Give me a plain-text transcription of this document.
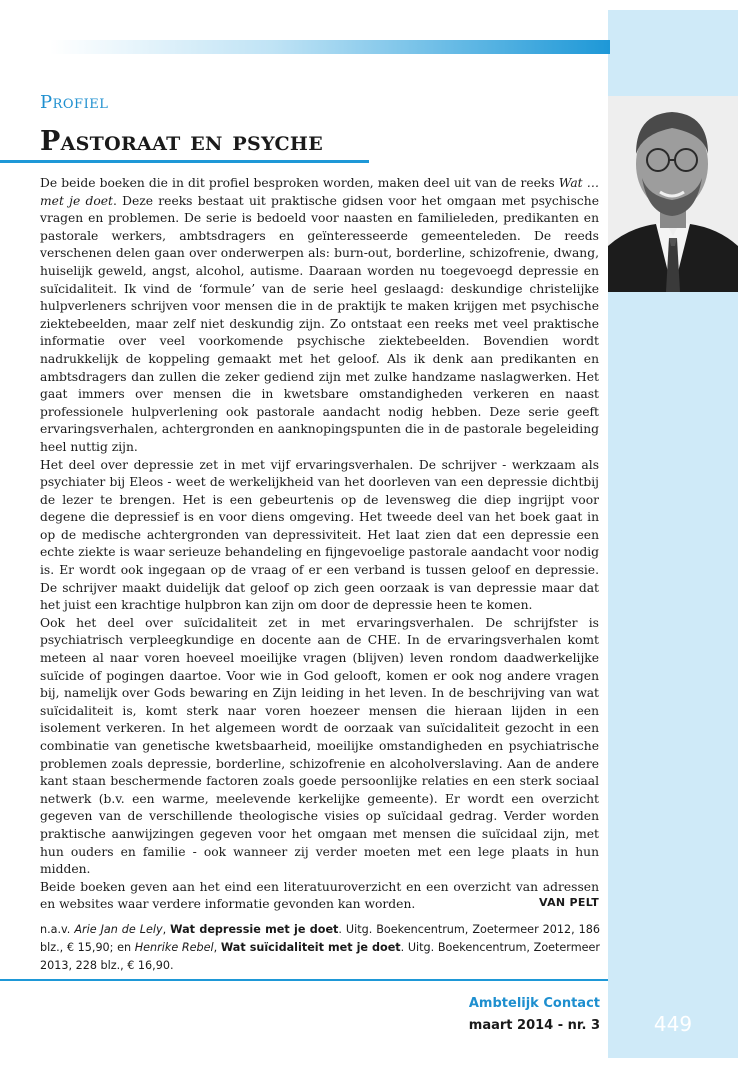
Profiel
Pastoraat en psyche

De beide boeken die in dit profiel besproken worden, maken deel uit van de reeks Wat … met je doet. Deze reeks bestaat uit praktische gidsen voor het omgaan met psychische vragen en problemen. De serie is bedoeld voor naasten en familieleden, predikanten en pastorale werkers, ambtsdragers en geïnteresseerde gemeenteleden. De reeds verschenen delen gaan over onderwerpen als: burn-out, borderline, schizofrenie, dwang, huiselijk geweld, angst, alcohol, autisme. Daaraan worden nu toegevoegd depressie en suïcidaliteit. Ik vind de ‘formule’ van de serie heel geslaagd: deskundige christelijke hulpverleners schrijven voor mensen die in de praktijk te maken krijgen met psychische ziektebeelden, maar zelf niet deskundig zijn. Zo ontstaat een reeks met veel praktische informatie over veel voorkomende psychische ziektebeelden. Bovendien wordt nadrukkelijk de koppeling gemaakt met het geloof. Als ik denk aan predikanten en ambtsdragers dan zullen die zeker gediend zijn met zulke handzame naslagwerken. Het gaat immers over mensen die in kwetsbare omstandigheden verkeren en naast professionele hulpverlening ook pastorale aandacht nodig hebben. Deze serie geeft ervaringsverhalen, achtergronden en aanknopingspunten die in de pastorale begeleiding heel nuttig zijn.

Het deel over depressie zet in met vijf ervaringsverhalen. De schrijver - werkzaam als psychiater bij Eleos - weet de werkelijkheid van het doorleven van een depressie dichtbij de lezer te brengen. Het is een gebeurtenis op de levensweg die diep ingrijpt voor degene die depressief is en voor diens omgeving. Het tweede deel van het boek gaat in op de medische achtergronden van depressiviteit. Het laat zien dat een depressie een echte ziekte is waar serieuze behandeling en fijngevoelige pastorale aandacht voor nodig is. Er wordt ook ingegaan op de vraag of er een verband is tussen geloof en depressie. De schrijver maakt duidelijk dat geloof op zich geen oorzaak is van depressie maar dat het juist een krachtige hulpbron kan zijn om door de depressie heen te komen.

Ook het deel over suïcidaliteit zet in met ervaringsverhalen. De schrijfster is psychiatrisch verpleegkundige en docente aan de CHE. In de ervaringsverhalen komt meteen al naar voren hoeveel moeilijke vragen (blijven) leven rondom daadwerkelijke suïcide of pogingen daartoe. Voor wie in God gelooft, komen er ook nog andere vragen bij, namelijk over Gods bewaring en Zijn leiding in het leven. In de beschrijving van wat suïcidaliteit is, komt sterk naar voren hoezeer mensen die hieraan lijden in een isolement verkeren. In het algemeen wordt de oorzaak van suïcidaliteit gezocht in een combinatie van genetische kwetsbaarheid, moeilijke omstandigheden en psychiatrische problemen zoals depressie, borderline, schizofrenie en alcoholverslaving. Aan de andere kant staan beschermende factoren zoals goede persoonlijke relaties en een sterk sociaal netwerk (b.v. een warme, meelevende kerkelijke gemeente). Er wordt een overzicht gegeven van de verschillende theologische visies op suïcidaal gedrag. Verder worden praktische aanwijzingen gegeven voor het omgaan met mensen die suïcidaal zijn, met hun ouders en familie - ook wanneer zij verder moeten met een lege plaats in hun midden.

Beide boeken geven aan het eind een literatuuroverzicht en een overzicht van adressen en websites waar verdere informatie gevonden kan worden.	VAN PELT
n.a.v. Arie Jan de Lely, Wat depressie met je doet. Uitg. Boekencentrum, Zoetermeer 2012, 186 blz., € 15,90; en Henrike Rebel, Wat suïcidaliteit met je doet. Uitg. Boekencentrum, Zoetermeer 2013, 228 blz., € 16,90.
Ambtelijk Contact
maart 2014 - nr. 3	449
